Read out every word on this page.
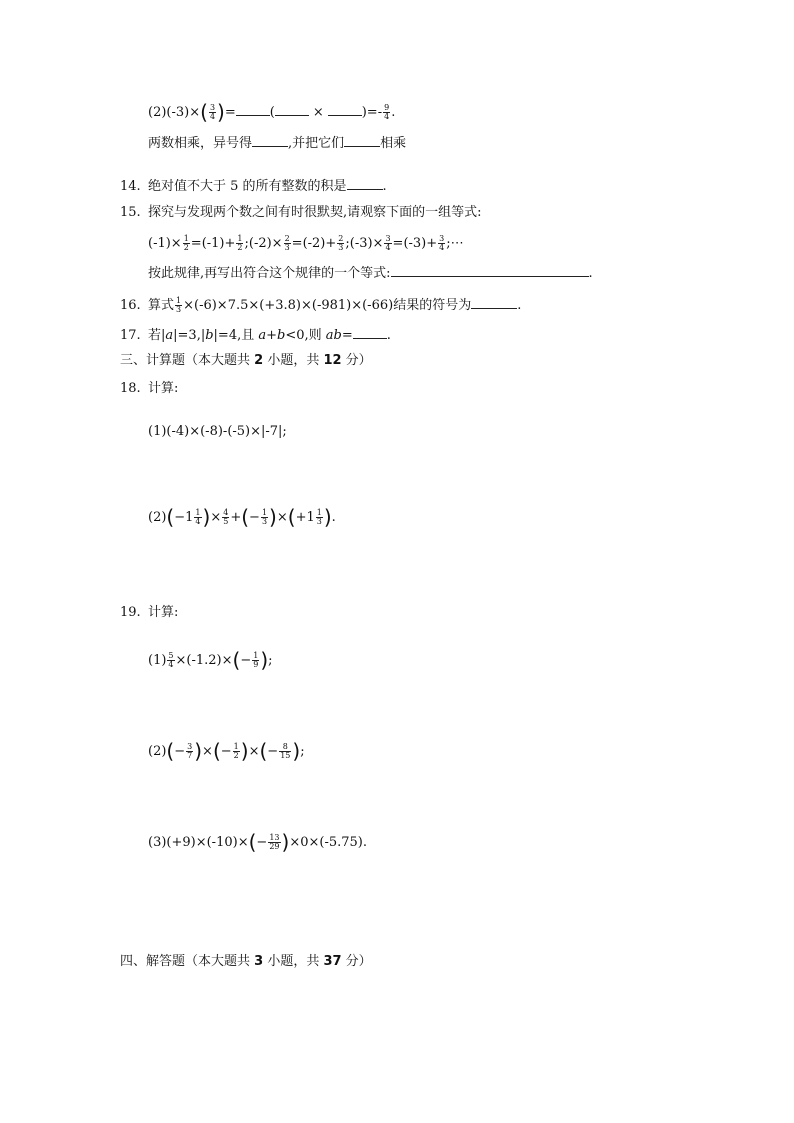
$(2)(-3)\times( \frac{3}{4}$ )=	(	×	)=- $\frac{9}{4}$ .
两数相乘，异号得	,并把它们	相乘
14. 绝对值不大于 5 的所有整数的积是	.
15. 探究与发现两个数之间有时很默契,请观察下面的一组等式:
$(-1)\times \frac{1}{2} =(-1)+ \frac{1}{2}$ ;(-2)× $\frac{2}{3} =(-2)+ \frac{2}{3}$ ;(-3)× $\frac{3}{4} =(-3)+ \frac{3}{4}$ ;⋯
按此规律,再写出符合这个规律的一个等式:	.
16. 算式 $\frac{1}{3} \times(-6)\times 7.5\times(+3.8)\times(-981)\times(-66)$结果的符号为	.
17. 若|a|=3,|b|=4,且 a+b<0,则 ab=	.
三、计算题（本大题共 2 小题，共 12 分）
18. 计算:
(1)(-4)×(-8)-(-5)×|-7|;
$(2)(-1 \frac{1}{4}$ )× $\frac{4}{5}$ +(− $\frac{1}{3} )\times(+1 \frac{1}{3}$ ).
19. 计算:
$(1) \frac{5}{4} \times(-1.2)\times(- \frac{1}{9}$ );
$(2)(- \frac{3}{7}$ )×(− $\frac{1}{2}$ )×(− $\frac{8}{15}$ );
$(3)(+9)\times(-10)\times(- \frac{13}{29} )\times 0\times(-5.75)$.
四、解答题（本大题共 3 小题，共 37 分）
